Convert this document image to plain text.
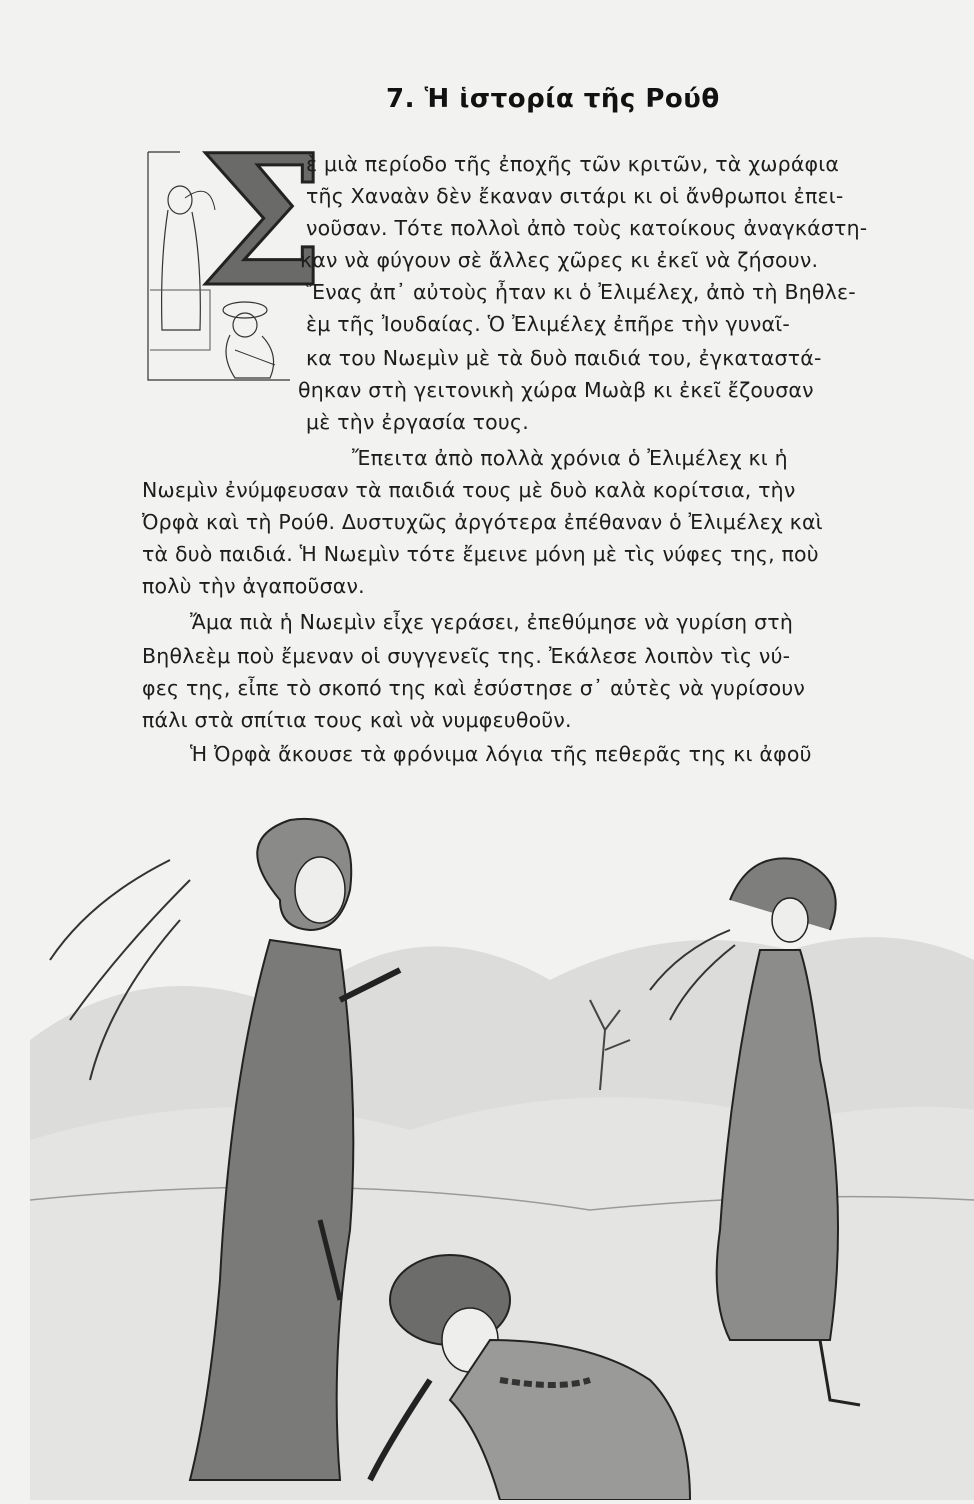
7. Ἡ ἱστορία τῆς Ρούθ
Σ
ὲ μιὰ περίοδο τῆς ἐποχῆς τῶν κριτῶν, τὰ χωράφια
τῆς Χαναὰν δὲν ἔκαναν σιτάρι κι οἱ ἄνθρωποι ἐπει-
νοῦσαν. Τότε πολλοὶ ἀπὸ τοὺς κατοίκους ἀναγκάστη-
καν νὰ φύγουν σὲ ἄλλες χῶρες κι ἐκεῖ νὰ ζήσουν.
Ἕνας ἀπ᾽ αὐτοὺς ἦταν κι ὁ Ἐλιμέλεχ, ἀπὸ τὴ Βηθλε-
ὲμ τῆς Ἰουδαίας. Ὁ Ἐλιμέλεχ ἐπῆρε τὴν γυναῖ-
κα του Νωεμὶν μὲ τὰ δυὸ παιδιά του, ἐγκαταστά-
θηκαν στὴ γειτονικὴ χώρα Μωὰβ κι ἐκεῖ ἔζουσαν
μὲ τὴν ἐργασία τους.
Ἔπειτα ἀπὸ πολλὰ χρόνια ὁ Ἐλιμέλεχ κι ἡ
Νωεμὶν ἐνύμφευσαν τὰ παιδιά τους μὲ δυὸ καλὰ κορίτσια, τὴν
Ὀρφὰ καὶ τὴ Ρούθ. Δυστυχῶς ἀργότερα ἐπέθαναν ὁ Ἐλιμέλεχ καὶ
τὰ δυὸ παιδιά. Ἡ Νωεμὶν τότε ἔμεινε μόνη μὲ τὶς νύφες της, ποὺ
πολὺ τὴν ἀγαποῦσαν.
Ἄμα πιὰ ἡ Νωεμὶν εἶχε γεράσει, ἐπεθύμησε νὰ γυρίση στὴ
Βηθλεὲμ ποὺ ἔμεναν οἱ συγγενεῖς της. Ἐκάλεσε λοιπὸν τὶς νύ-
φες της, εἶπε τὸ σκοπό της καὶ ἐσύστησε σ᾽ αὐτὲς νὰ γυρίσουν
πάλι στὰ σπίτια τους καὶ νὰ νυμφευθοῦν.
Ἡ Ὀρφὰ ἄκουσε τὰ φρόνιμα λόγια τῆς πεθερᾶς της κι ἀφοῦ
